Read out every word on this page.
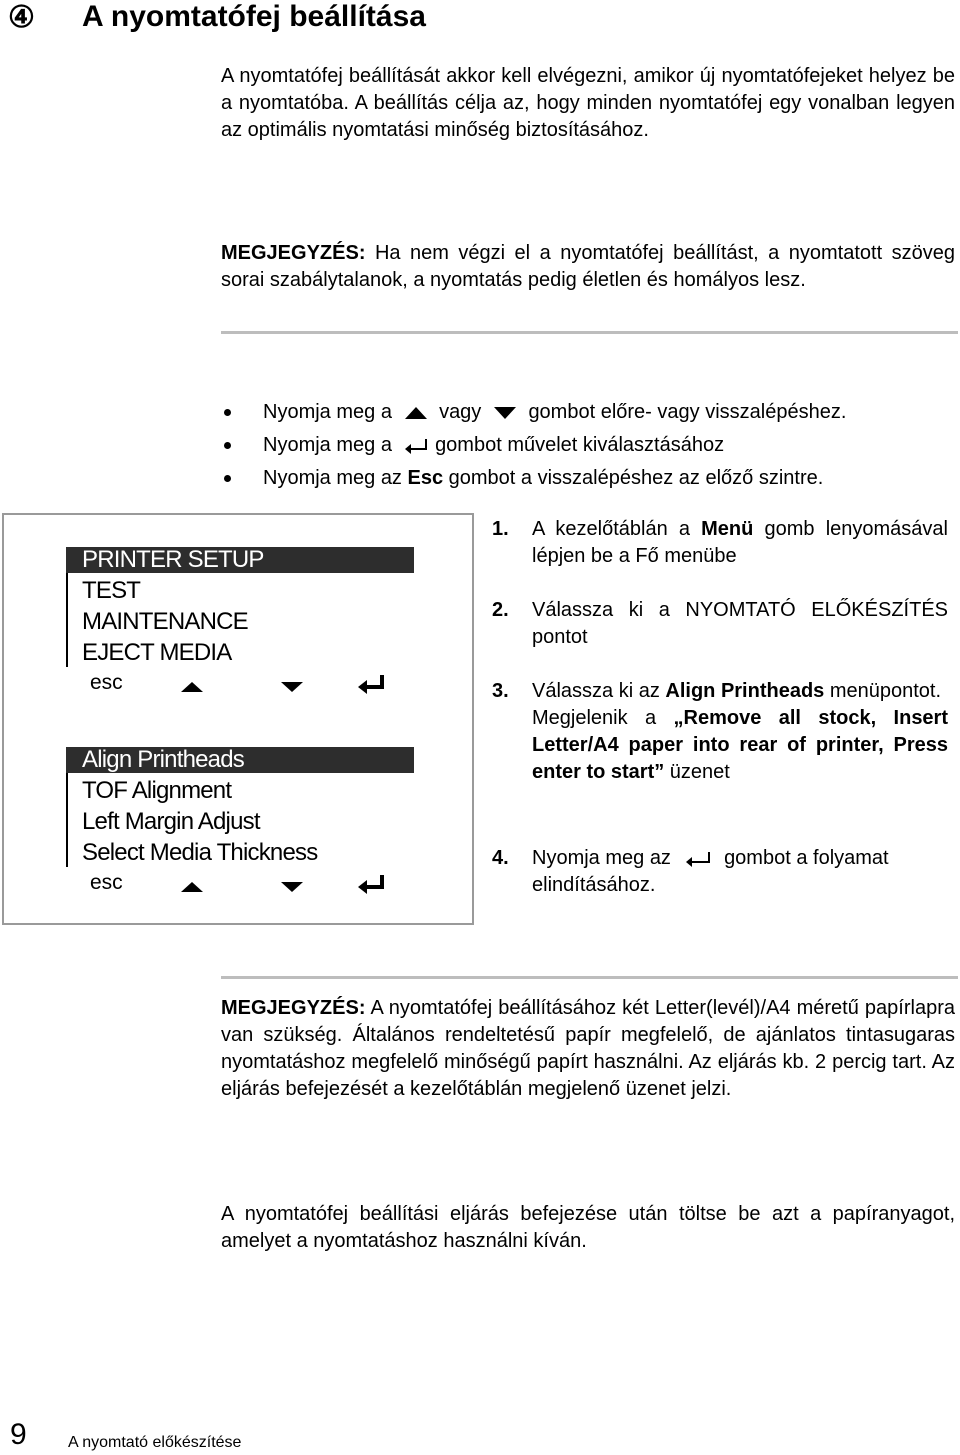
④ A nyomtatófej beállítása
A nyomtatófej beállítását akkor kell elvégezni, amikor új nyomtatófejeket helyez be a nyomtatóba. A beállítás célja az, hogy minden nyomtatófej egy vonalban legyen az optimális nyomtatási minőség biztosításához.
MEGJEGYZÉS: Ha nem végzi el a nyomtatófej beállítást, a nyomtatott szöveg sorai szabálytalanok, a nyomtatás pedig életlen és homályos lesz.
Nyomja meg a vagy gombot előre- vagy visszalépéshez.
Nyomja meg a gombot művelet kiválasztásához
Nyomja meg az Esc gombot a visszalépéshez az előző szintre.
PRINTER SETUP
TEST
MAINTENANCE
EJECT MEDIA
esc
Align Printheads
TOF Alignment
Left Margin Adjust
Select Media Thickness
esc
1.	A kezelőtáblán a Menü gomb lenyomásával lépjen be a Fő menübe
2.	Válassza ki a NYOMTATÓ ELŐKÉSZÍTÉS pontot
3.	Válassza ki az Align Printheads menüpontot.
Megjelenik a „Remove all stock, Insert Letter/A4 paper into rear of printer, Press enter to start” üzenet
4.	Nyomja meg az	gombot a folyamat elindításához.
MEGJEGYZÉS: A nyomtatófej beállításához két Letter(levél)/A4 méretű papírlapra van szükség. Általános rendeltetésű papír megfelelő, de ajánlatos tintasugaras nyomtatáshoz megfelelő minőségű papírt használni. Az eljárás kb. 2 percig tart. Az eljárás befejezését a kezelőtáblán megjelenő üzenet jelzi.
A nyomtatófej beállítási eljárás befejezése után töltse be azt a papíranyagot, amelyet a nyomtatáshoz használni kíván.
9	A nyomtató előkészítése
